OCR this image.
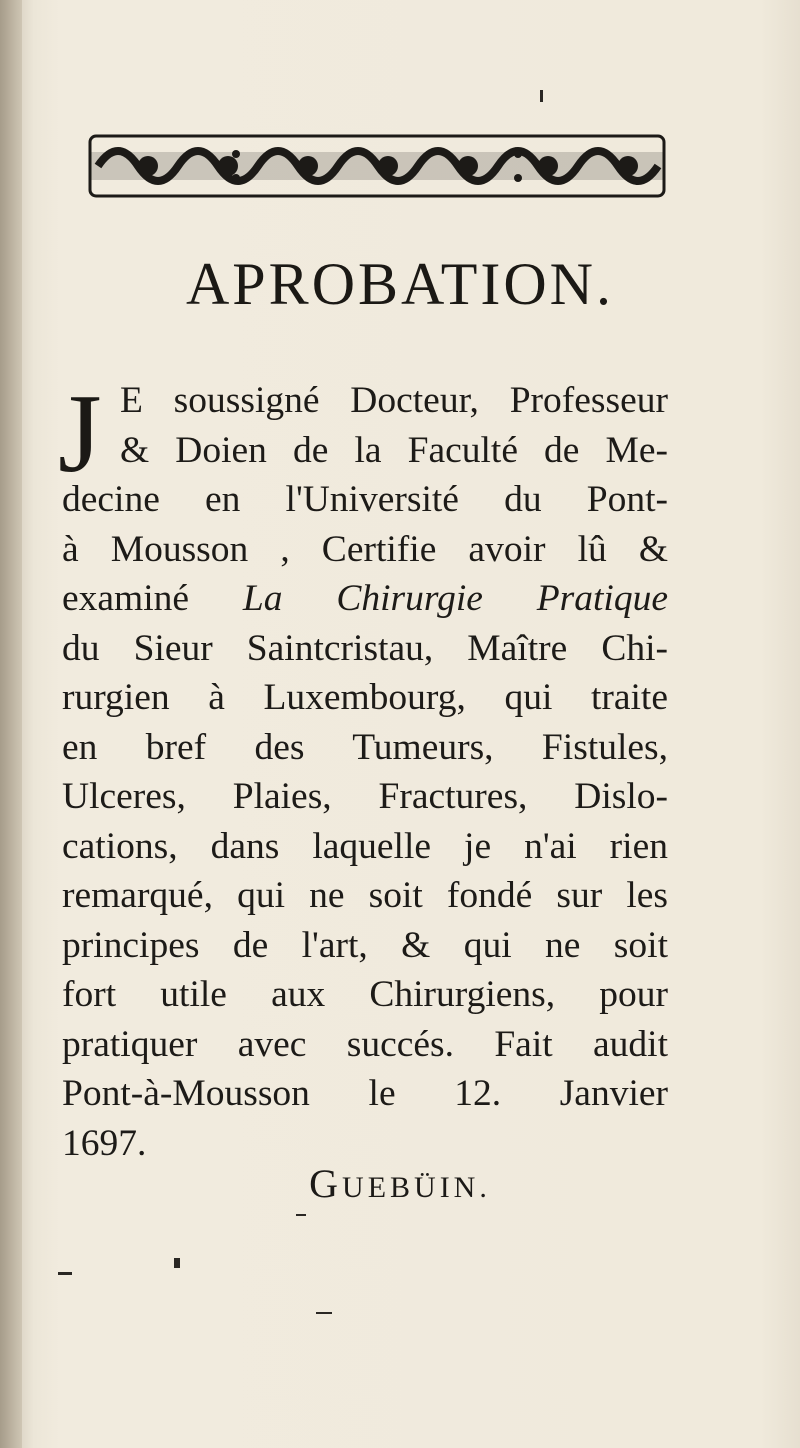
APROBATION.
J E soussigné Docteur, Professeur
& Doien de la Faculté de Me-
decine en l'Université du Pont-
à Mousson , Certifie avoir lû &
examiné La Chirurgie Pratique
du Sieur Saintcristau, Maître Chi-
rurgien à Luxembourg, qui traite
en bref des Tumeurs, Fistules,
Ulceres, Plaies, Fractures, Dislo-
cations, dans laquelle je n'ai rien
remarqué, qui ne soit fondé sur les
principes de l'art, & qui ne soit
fort utile aux Chirurgiens, pour
pratiquer avec succés. Fait audit
Pont-à-Mousson le 12. Janvier
1697.
GUEBÜIN.
